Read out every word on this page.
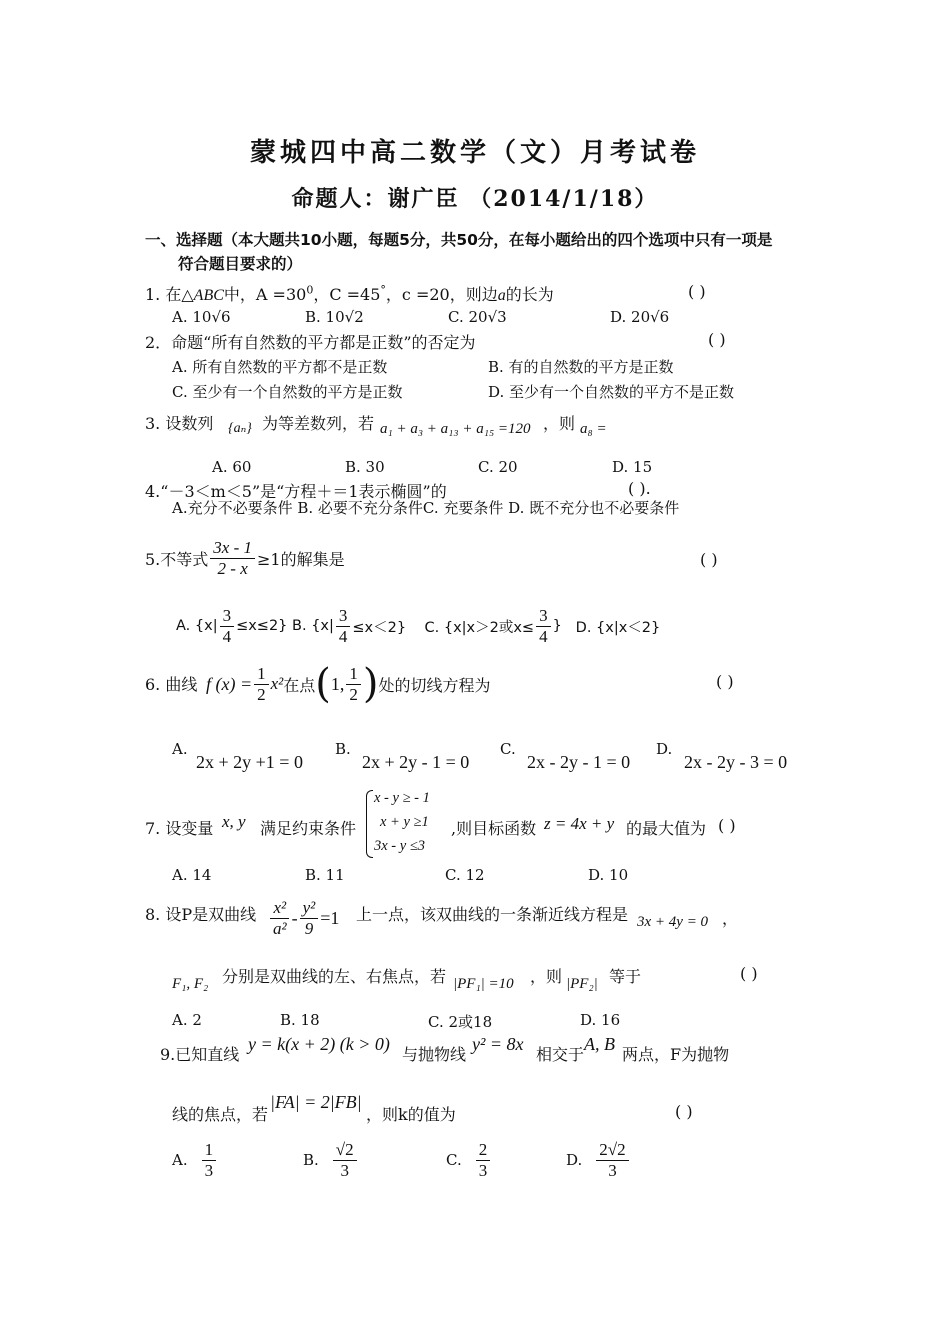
蒙城四中高二数学（文）月考试卷
命题人：谢广臣 （2014/1/18）
一、选择题（本大题共10小题，每题5分，共50分，在每小题给出的四个选项中只有一项是
符合题目要求的）
1. 在△ABC中，$A =30^0$，C =45°，c =20，则边a的长为	( )
A. 10√6	B. 10√2	C. 20√3	D. 20√6
2．命题“所有自然数的平方都是正数”的否定为	( )
A. 所有自然数的平方都不是正数	B. 有的自然数的平方是正数
C. 至少有一个自然数的平方是正数	D. 至少有一个自然数的平方不是正数
3. 设数列 {aₙ} 为等差数列，若 a₁ + a₃ + a₁₃ + a₁₅ =120 ，则 a₈ =
A. 60	B. 30	C. 20	D. 15
4.“－3＜m＜5”是“方程＋＝1表示椭圆”的	( ).
A.充分不必要条件 B. 必要不充分条件C. 充要条件 D. 既不充分也不必要条件
5.不等式 $\frac{3x - 1}{2 - x} \ge 1$的解集是	( )
A. $\{x| \frac{3}{4} \le x\le 2\}$
B. $\{x| \frac{3}{4} \le x<2\}$
C. {x|x＞2或$x\le \frac{3}{4}$ }
D. {x|x＜2}
6. 曲线 f $(x) = \frac{1}{2} x^2$ 在点 ( 1, $\frac{1}{2}$ ) 处的切线方程为	( )
A.
2x + 2y +1 = 0
B.
2x + 2y - 1 = 0
C.
2x - 2y - 1 = 0
D.
2x - 2y - 3 = 0
7. 设变量 x, y 满足约束条件
x - y ≥ - 1
x + y ≥1
3x - y ≤3
,则目标函数 z = 4x + y 的最大值为 ( )
A. 14	B. 11	C. 12	D. 10
8. 设P是双曲线 $\frac{\text{x²}}{\text{a²}} - \frac{\text{y²}}{9} =1$ 上一点，该双曲线的一条渐近线方程是 3x + 4y = 0 ，
F₁, F₂ 分别是双曲线的左、右焦点，若 |PF₁| =10 ，则 |PF₂| 等于	( )
A. 2	B. 18	C. 2或18	D. 16
9.已知直线
y = k(x + 2) (k > 0)
与抛物线
y² = 8x
相交于
A, B
两点，F为抛物
线的焦点，若
|FA| = 2|FB|
，则k的值为	( )
A. $\frac{1}{3}$	B. $\frac{√2}{3}$	C. $\frac{2}{3}$	D. $\frac{2√2}{3}$
